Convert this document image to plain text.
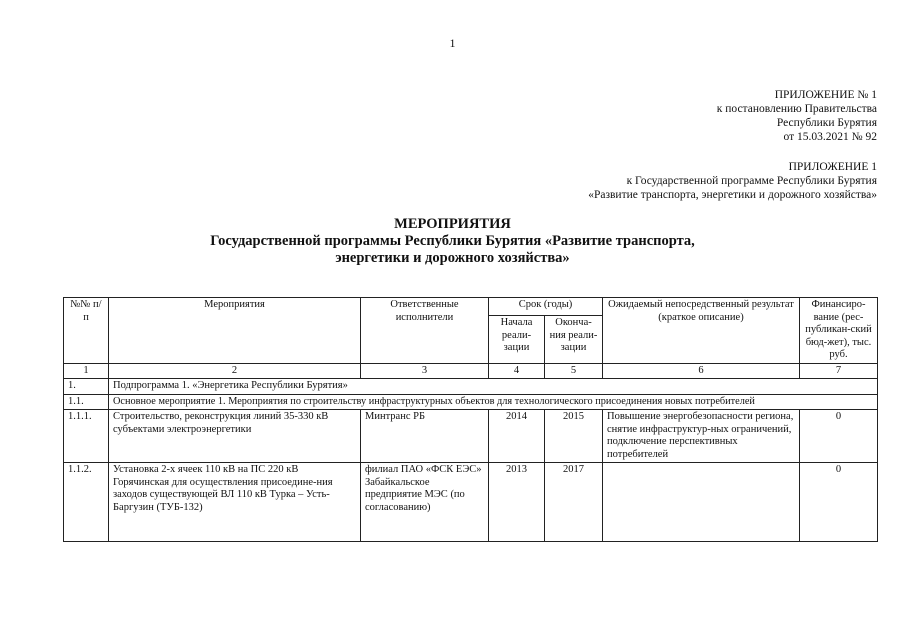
1
ПРИЛОЖЕНИЕ № 1
к постановлению Правительства
Республики Бурятия
от 15.03.2021 № 92
ПРИЛОЖЕНИЕ 1
к Государственной программе Республики Бурятия
«Развитие транспорта, энергетики и дорожного хозяйства»
МЕРОПРИЯТИЯ
Государственной программы Республики Бурятия «Развитие транспорта,
энергетики и дорожного хозяйства»
№№ п/п	Мероприятия	Ответственные исполнители	Срок (годы)		Ожидаемый непосредственный результат (краткое описание)	Финансиро-вание (рес-публикан-ский бюд-жет), тыс. руб.
			Начала реали-зации	Оконча-ния реали-зации		
1	2	3	4	5	6	7
1.	Подпрограмма 1. «Энергетика Республики Бурятия»					
1.1.	Основное мероприятие 1. Мероприятия по строительству инфраструктурных объектов для технологического присоединения новых потребителей					
1.1.1.	Строительство, реконструкция линий 35-330 кВ субъектами электроэнергетики	Минтранс РБ	2014	2015	Повышение энергобезопасности региона, снятие инфраструктур-ных ограничений, подключение перспективных потребителей	0
1.1.2.	Установка 2-х ячеек 110 кВ на ПС 220 кВ Горячинская для осуществления присоедине-ния заходов существующей ВЛ 110 кВ Турка – Усть-Баргузин (ТУБ-132)	филиал ПАО «ФСК ЕЭС» Забайкальское предприятие МЭС (по согласованию)	2013	2017		0
